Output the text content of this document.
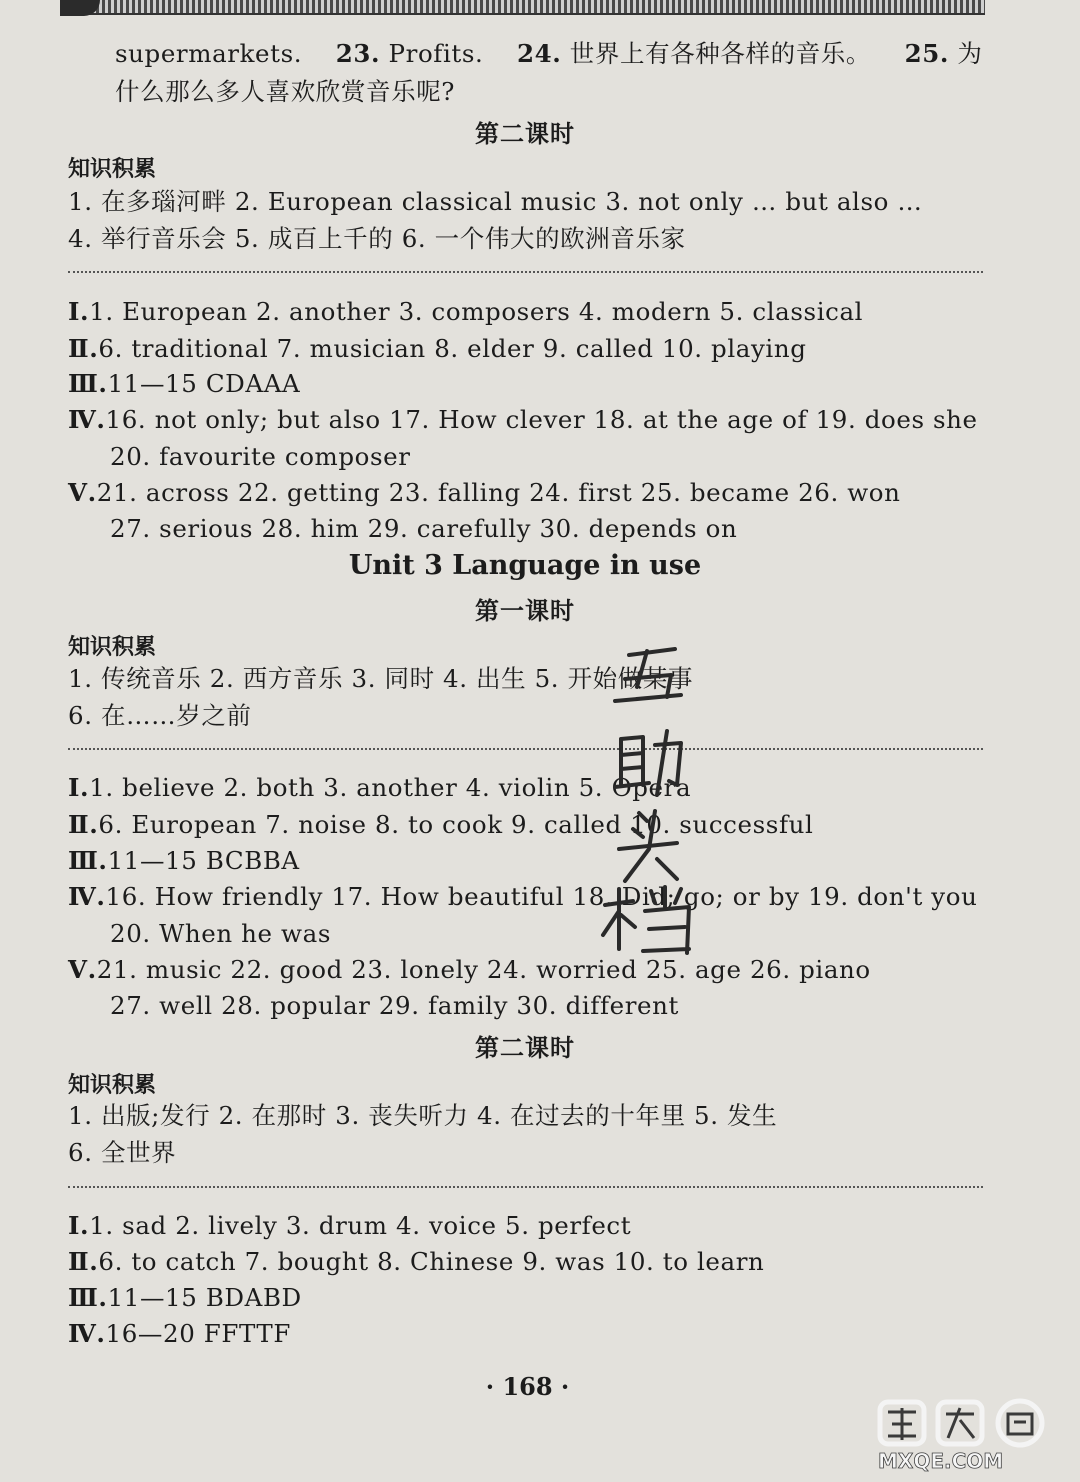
supermarkets. 23. Profits. 24. 世界上有各种各样的音乐。 25. 为
什么那么多人喜欢欣赏音乐呢?
第二课时
知识积累
1. 在多瑙河畔 2. European classical music 3. not only … but also …
4. 举行音乐会 5. 成百上千的 6. 一个伟大的欧洲音乐家
Ⅰ.1. European 2. another 3. composers 4. modern 5. classical
Ⅱ.6. traditional 7. musician 8. elder 9. called 10. playing
Ⅲ.11—15 CDAAA
Ⅳ.16. not only; but also 17. How clever 18. at the age of 19. does she
20. favourite composer
Ⅴ.21. across 22. getting 23. falling 24. first 25. became 26. won
27. serious 28. him 29. carefully 30. depends on
Unit 3 Language in use
第一课时
知识积累
1. 传统音乐 2. 西方音乐 3. 同时 4. 出生 5. 开始做某事
6. 在……岁之前
Ⅰ.1. believe 2. both 3. another 4. violin 5. Opera
Ⅱ.6. European 7. noise 8. to cook 9. called 10. successful
Ⅲ.11—15 BCBBA
Ⅳ.16. How friendly 17. How beautiful 18. Did; go; or by 19. don't you
20. When he was
Ⅴ.21. music 22. good 23. lonely 24. worried 25. age 26. piano
27. well 28. popular 29. family 30. different
第二课时
知识积累
1. 出版;发行 2. 在那时 3. 丧失听力 4. 在过去的十年里 5. 发生
6. 全世界
Ⅰ.1. sad 2. lively 3. drum 4. voice 5. perfect
Ⅱ.6. to catch 7. bought 8. Chinese 9. was 10. to learn
Ⅲ.11—15 BDABD
Ⅳ.16—20 FFTTF
· 168 ·
MXQE.COM
